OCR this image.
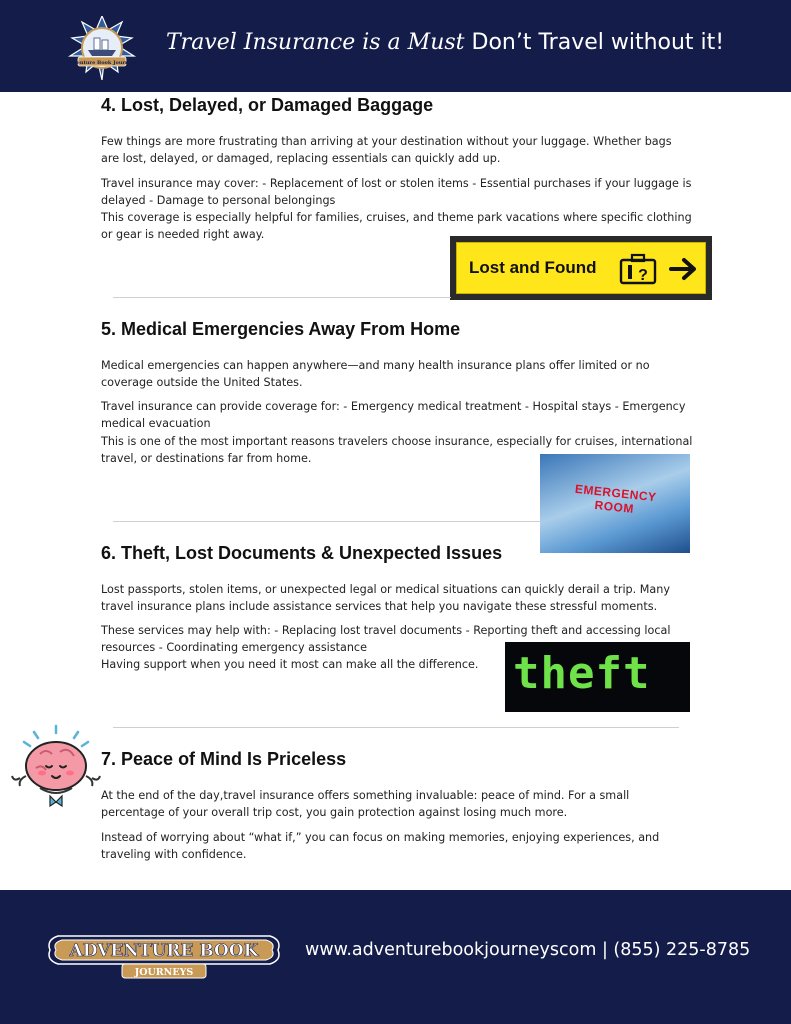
Adventure Book Journeys
Travel Insurance is a Must Don’t Travel without it!
4. Lost, Delayed, or Damaged Baggage

Few things are more frustrating than arriving at your destination without your luggage. Whether bags are lost, delayed, or damaged, replacing essentials can quickly add up.

Travel insurance may cover: - Replacement of lost or stolen items - Essential purchases if your luggage is delayed - Damage to personal belongings

This coverage is especially helpful for families, cruises, and theme park vacations where specific clothing or gear is needed right away.

Lost and Found	?
5. Medical Emergencies Away From Home

Medical emergencies can happen anywhere—and many health insurance plans offer limited or no coverage outside the United States.

Travel insurance can provide coverage for: - Emergency medical treatment - Hospital stays - Emergency medical evacuation

This is one of the most important reasons travelers choose insurance, especially for cruises, international travel, or destinations far from home.

EMERGENCY ROOM
6. Theft, Lost Documents & Unexpected Issues

Lost passports, stolen items, or unexpected legal or medical situations can quickly derail a trip. Many travel insurance plans include assistance services that help you navigate these stressful moments.

These services may help with: - Replacing lost travel documents - Reporting theft and accessing local resources - Coordinating emergency assistance

Having support when you need it most can make all the difference. theft
7. Peace of Mind Is Priceless

At the end of the day,travel insurance offers something invaluable: peace of mind. For a small percentage of your overall trip cost, you gain protection against losing much more.

Instead of worrying about “what if,” you can focus on making memories, enjoying experiences, and traveling with confidence.

ADVENTURE BOOK
JOURNEYS
www.adventurebookjourneyscom | (855) 225-8785
